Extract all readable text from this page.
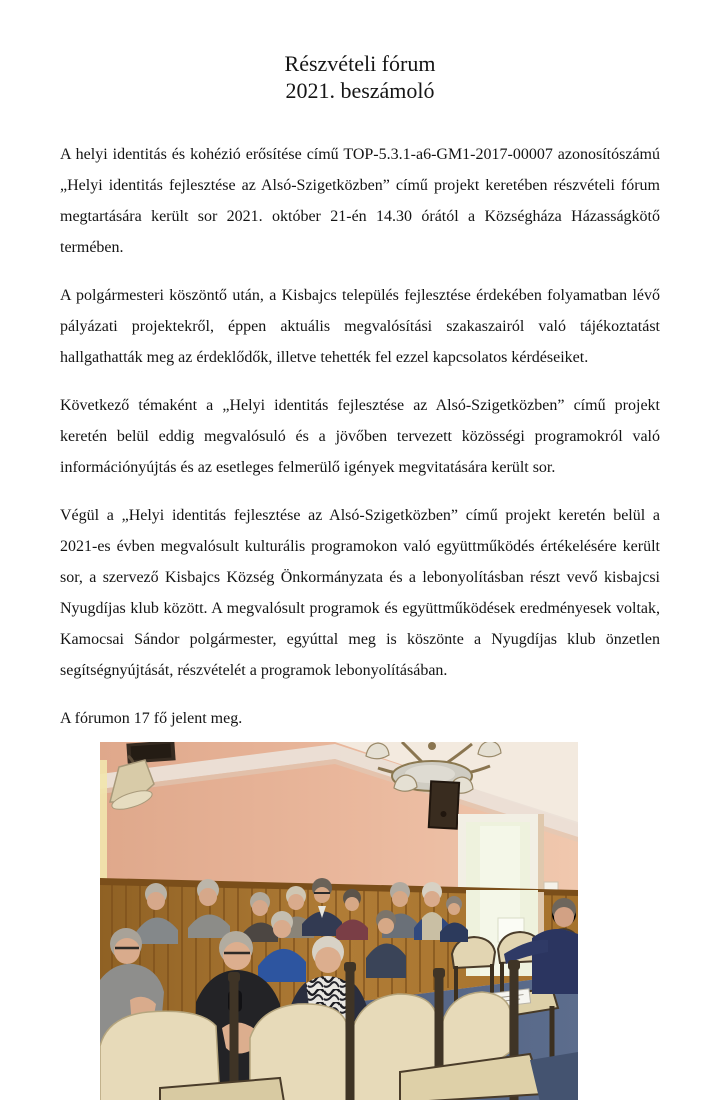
Részvételi fórum
2021. beszámoló

A helyi identitás és kohézió erősítése című TOP-5.3.1-a6-GM1-2017-00007 azonosítószámú „Helyi identitás fejlesztése az Alsó-Szigetközben” című projekt keretében részvételi fórum megtartására került sor 2021. október 21-én 14.30 órától a Községháza Házasságkötő termében.

A polgármesteri köszöntő után, a Kisbajcs település fejlesztése érdekében folyamatban lévő pályázati projektekről, éppen aktuális megvalósítási szakaszairól való tájékoztatást hallgathatták meg az érdeklődők, illetve tehették fel ezzel kapcsolatos kérdéseiket.

Következő témaként a „Helyi identitás fejlesztése az Alsó-Szigetközben” című projekt keretén belül eddig megvalósuló és a jövőben tervezett közösségi programokról való információnyújtás és az esetleges felmerülő igények megvitatására került sor.

Végül a „Helyi identitás fejlesztése az Alsó-Szigetközben” című projekt keretén belül a 2021-es évben megvalósult kulturális programokon való együttműködés értékelésére került sor, a szervező Kisbajcs Község Önkormányzata és a lebonyolításban részt vevő kisbajcsi Nyugdíjas klub között. A megvalósult programok és együttműködések eredményesek voltak, Kamocsai Sándor polgármester, egyúttal meg is köszönte a Nyugdíjas klub önzetlen segítségnyújtását, részvételét a programok lebonyolításában.

A fórumon 17 fő jelent meg.
